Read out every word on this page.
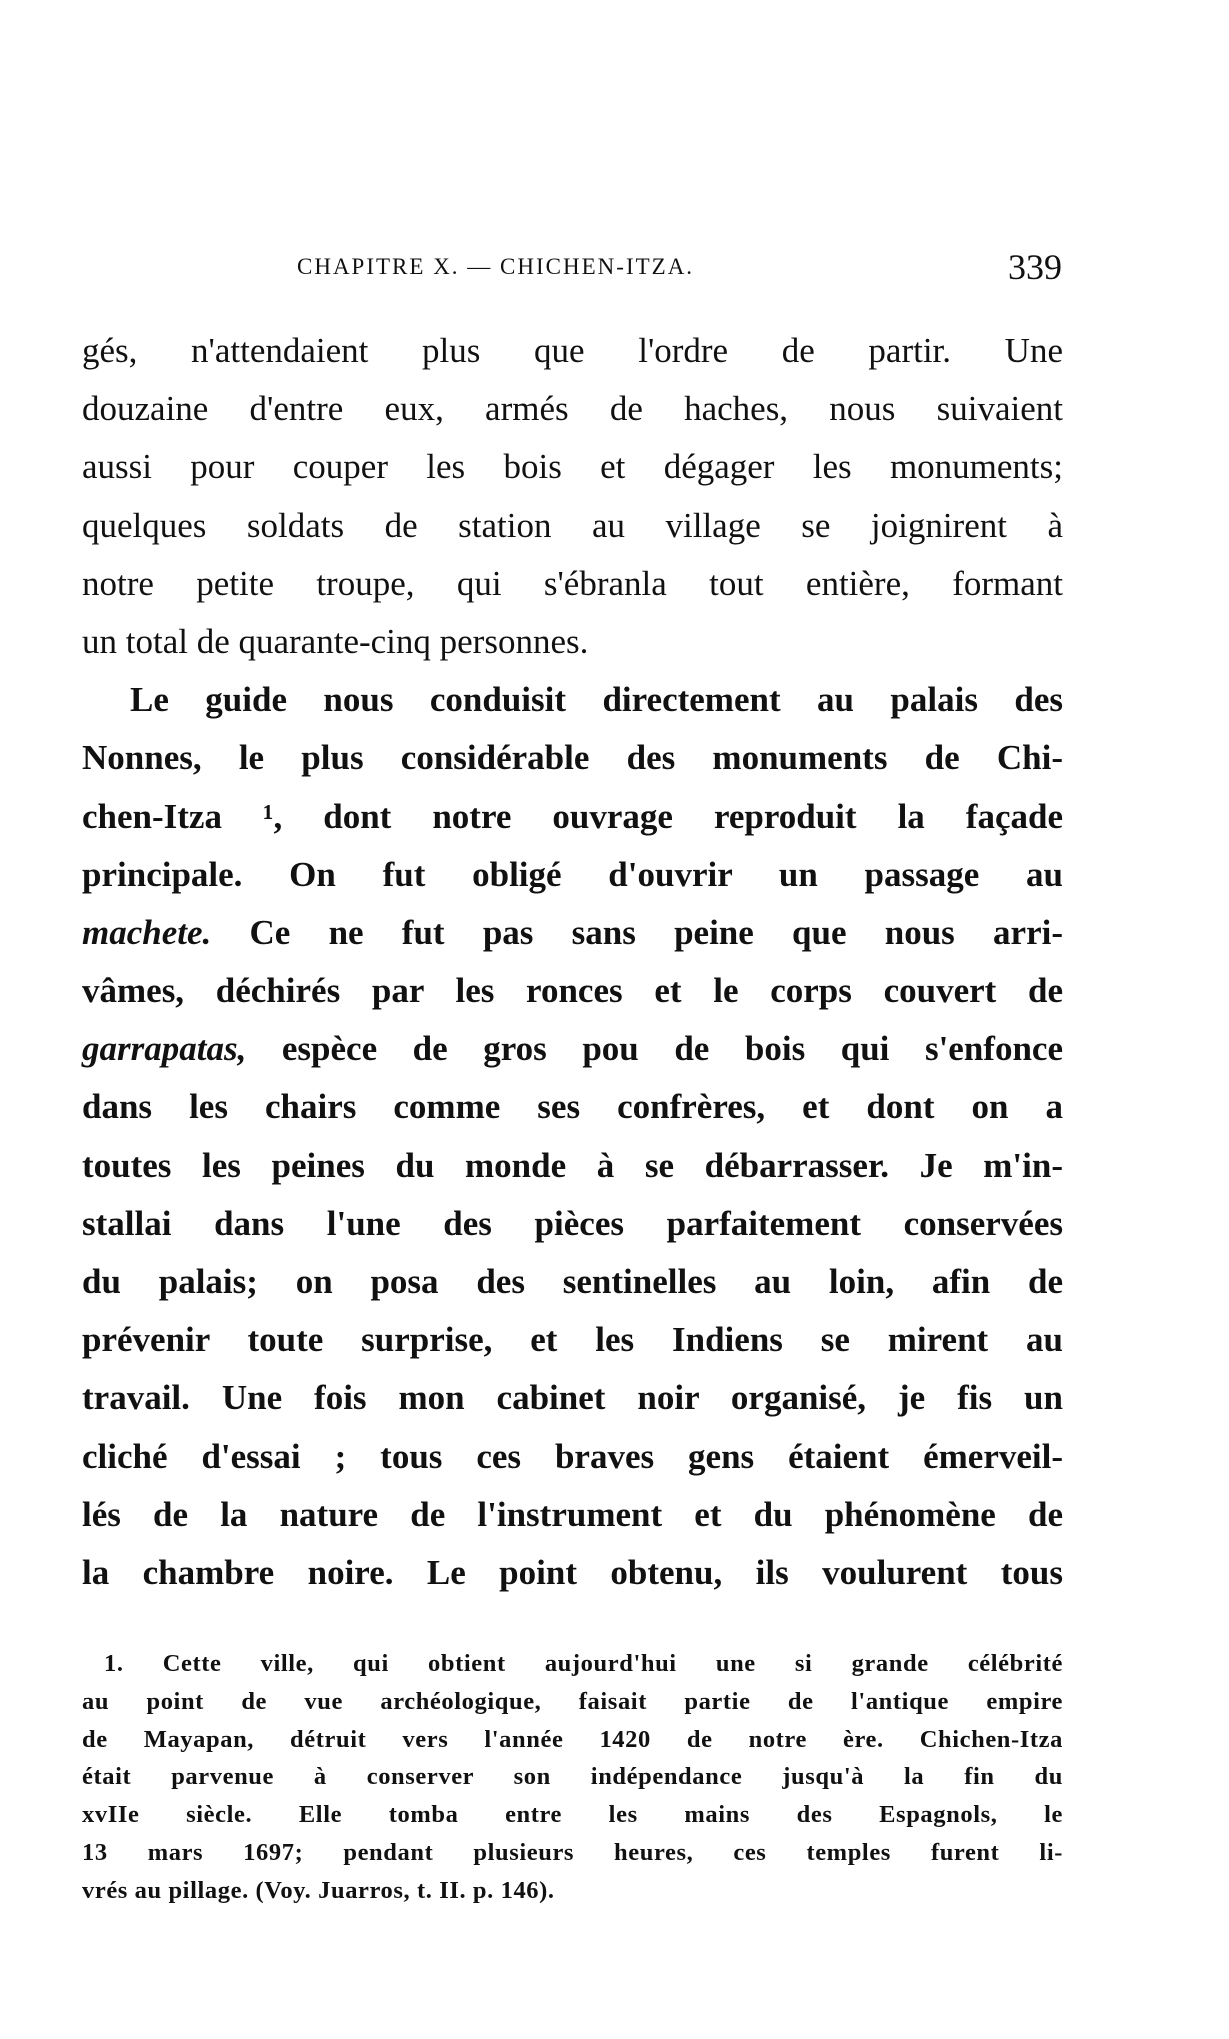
CHAPITRE X. — CHICHEN-ITZA.	339
gés, n'attendaient plus que l'ordre de partir. Une
douzaine d'entre eux, armés de haches, nous suivaient
aussi pour couper les bois et dégager les monuments;
quelques soldats de station au village se joignirent à
notre petite troupe, qui s'ébranla tout entière, formant
un total de quarante-cinq personnes.
Le guide nous conduisit directement au palais des
Nonnes, le plus considérable des monuments de Chi-
chen-Itza ¹, dont notre ouvrage reproduit la façade
principale. On fut obligé d'ouvrir un passage au
machete. Ce ne fut pas sans peine que nous arri-
vâmes, déchirés par les ronces et le corps couvert de
garrapatas, espèce de gros pou de bois qui s'enfonce
dans les chairs comme ses confrères, et dont on a
toutes les peines du monde à se débarrasser. Je m'in-
stallai dans l'une des pièces parfaitement conservées
du palais; on posa des sentinelles au loin, afin de
prévenir toute surprise, et les Indiens se mirent au
travail. Une fois mon cabinet noir organisé, je fis un
cliché d'essai ; tous ces braves gens étaient émerveil-
lés de la nature de l'instrument et du phénomène de
la chambre noire. Le point obtenu, ils voulurent tous
1. Cette ville, qui obtient aujourd'hui une si grande célébrité
au point de vue archéologique, faisait partie de l'antique empire
de Mayapan, détruit vers l'année 1420 de notre ère. Chichen-Itza
était parvenue à conserver son indépendance jusqu'à la fin du
xvIIe siècle. Elle tomba entre les mains des Espagnols, le
13 mars 1697; pendant plusieurs heures, ces temples furent li-
vrés au pillage. (Voy. Juarros, t. II. p. 146).
